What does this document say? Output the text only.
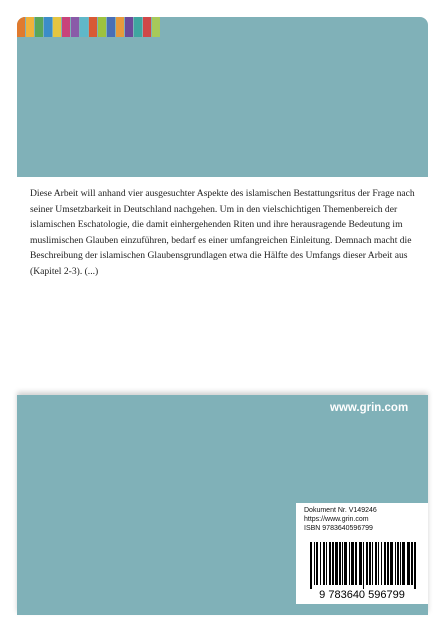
Diese Arbeit will anhand vier ausgesuchter Aspekte des islamischen Bestattungsritus der Frage nach seiner Umsetzbarkeit in Deutschland nachgehen. Um in den vielschichtigen Themenbereich der islamischen Eschatologie, die damit einhergehenden Riten und ihre herausragende Bedeutung im muslimischen Glauben einzuführen, bedarf es einer umfangreichen Einleitung. Demnach macht die Beschreibung der islamischen Glaubensgrundlagen etwa die Hälfte des Umfangs dieser Arbeit aus (Kapitel 2-3). (...)

www.grin.com
Dokument Nr. V149246
https://www.grin.com
ISBN 9783640596799
9 783640 596799
